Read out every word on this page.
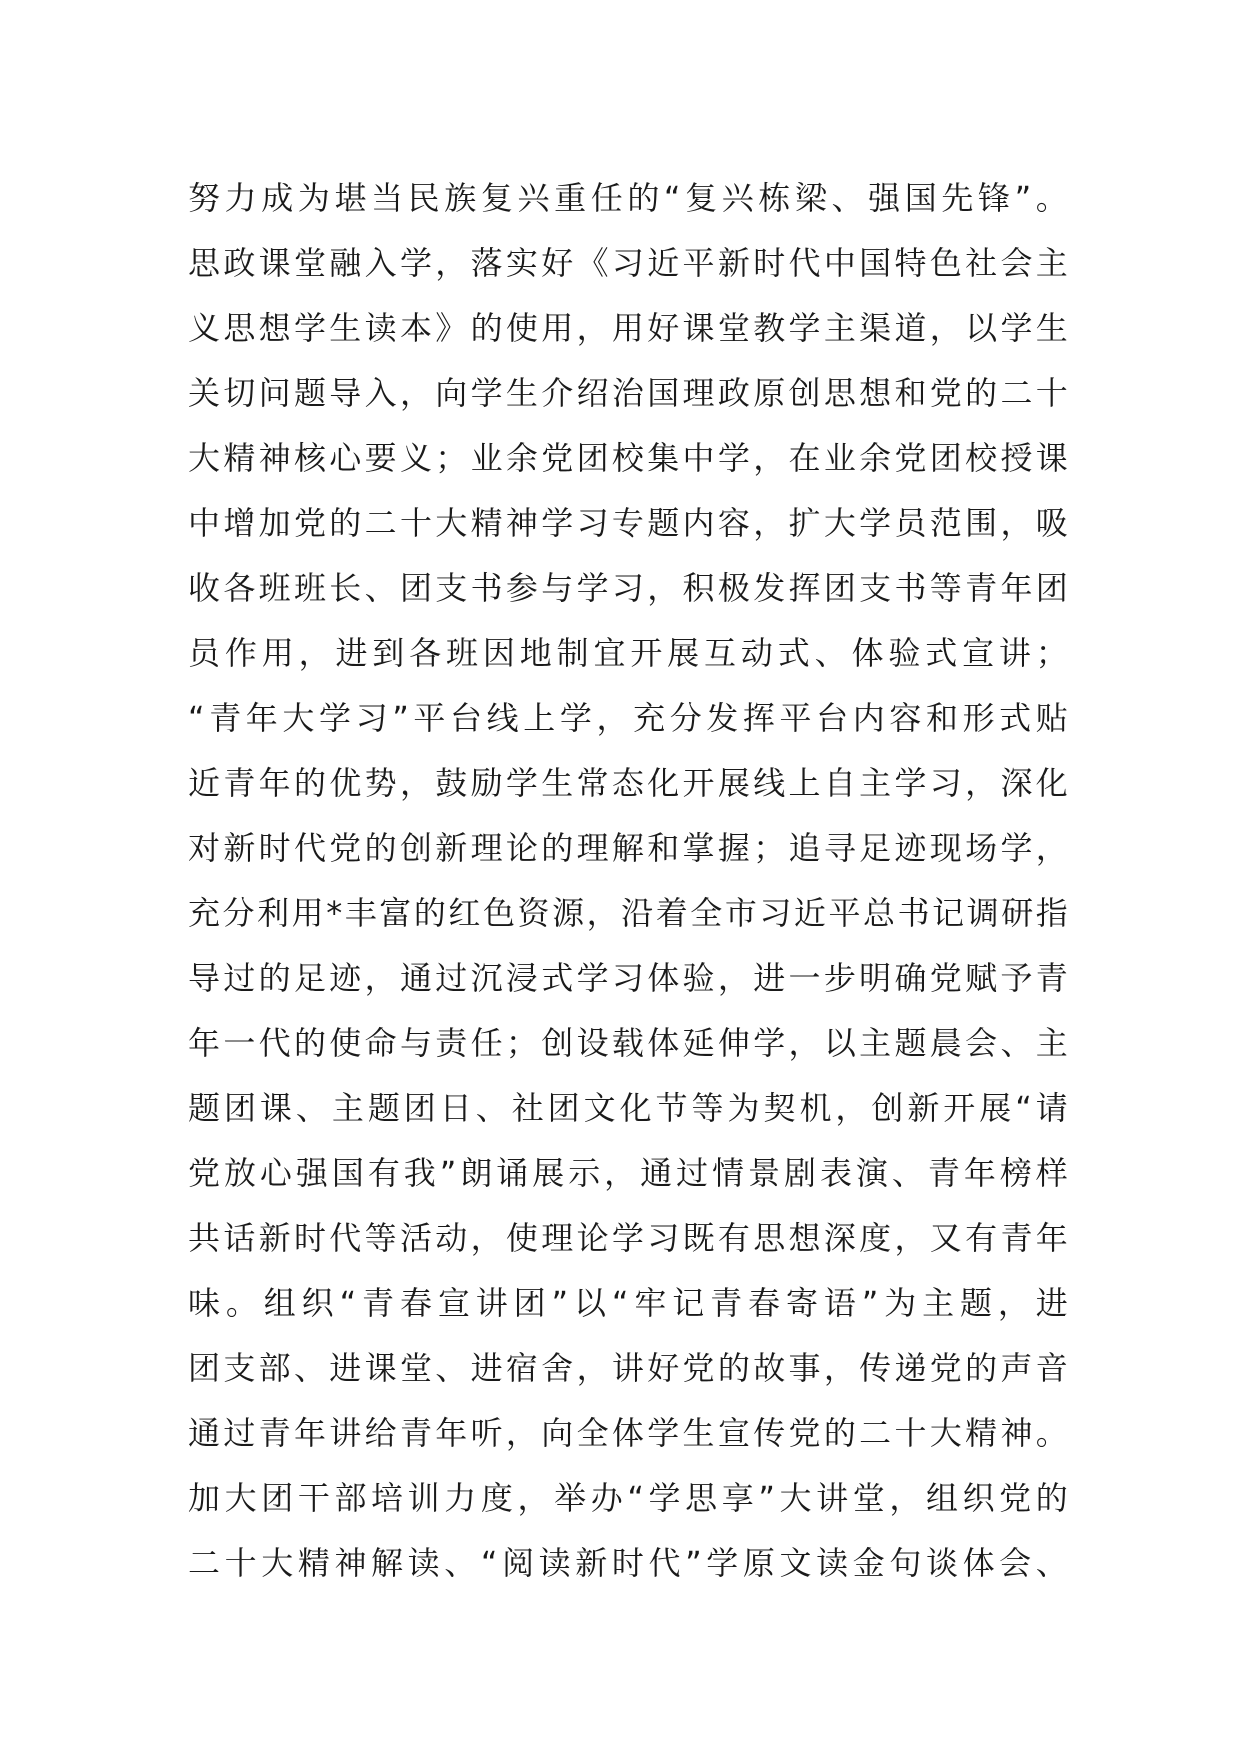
努力成为堪当民族复兴重任的“复兴栋梁、强国先锋”。
思政课堂融入学，落实好《习近平新时代中国特色社会主
义思想学生读本》的使用，用好课堂教学主渠道，以学生
关切问题导入，向学生介绍治国理政原创思想和党的二十
大精神核心要义；业余党团校集中学，在业余党团校授课
中增加党的二十大精神学习专题内容，扩大学员范围，吸
收各班班长、团支书参与学习，积极发挥团支书等青年团
员作用，进到各班因地制宜开展互动式、体验式宣讲；
“青年大学习”平台线上学，充分发挥平台内容和形式贴
近青年的优势，鼓励学生常态化开展线上自主学习，深化
对新时代党的创新理论的理解和掌握；追寻足迹现场学，
充分利用*丰富的红色资源，沿着全市习近平总书记调研指
导过的足迹，通过沉浸式学习体验，进一步明确党赋予青
年一代的使命与责任；创设载体延伸学，以主题晨会、主
题团课、主题团日、社团文化节等为契机，创新开展“请
党放心强国有我”朗诵展示，通过情景剧表演、青年榜样
共话新时代等活动，使理论学习既有思想深度，又有青年
味。组织“青春宣讲团”以“牢记青春寄语”为主题，进
团支部、进课堂、进宿舍，讲好党的故事，传递党的声音
通过青年讲给青年听，向全体学生宣传党的二十大精神。
加大团干部培训力度，举办“学思享”大讲堂，组织党的
二十大精神解读、“阅读新时代”学原文读金句谈体会、
